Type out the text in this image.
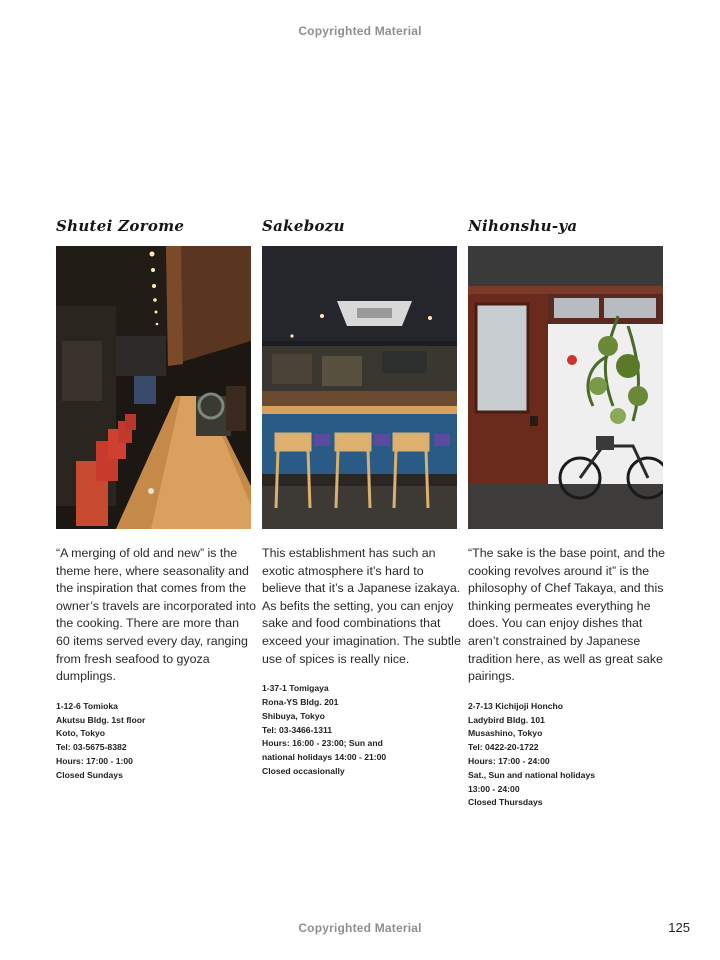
Copyrighted Material
Shutei Zorome
“A merging of old and new” is the theme here, where seasonality and the inspiration that comes from the owner’s travels are incorporated into the cooking. There are more than 60 items served every day, ranging from fresh seafood to gyoza dumplings.
1-12-6 Tomioka
Akutsu Bldg. 1st floor
Koto, Tokyo
Tel: 03-5675-8382
Hours: 17:00 - 1:00
Closed Sundays
Sakebozu
This establishment has such an exotic atmosphere it’s hard to believe that it’s a Japanese izakaya. As befits the setting, you can enjoy sake and food combinations that exceed your imagination. The subtle use of spices is really nice.
1-37-1 Tomigaya
Rona-YS Bldg. 201
Shibuya, Tokyo
Tel: 03-3466-1311
Hours: 16:00 - 23:00; Sun and
national holidays 14:00 - 21:00
Closed occasionally
Nihonshu-ya
“The sake is the base point, and the cooking revolves around it” is the philosophy of Chef Takaya, and this thinking permeates everything he does. You can enjoy dishes that aren’t constrained by Japanese tradition here, as well as great sake pairings.
2-7-13 Kichijoji Honcho
Ladybird Bldg. 101
Musashino, Tokyo
Tel: 0422-20-1722
Hours: 17:00 - 24:00
Sat., Sun and national holidays
13:00 - 24:00
Closed Thursdays
Copyrighted Material	125
